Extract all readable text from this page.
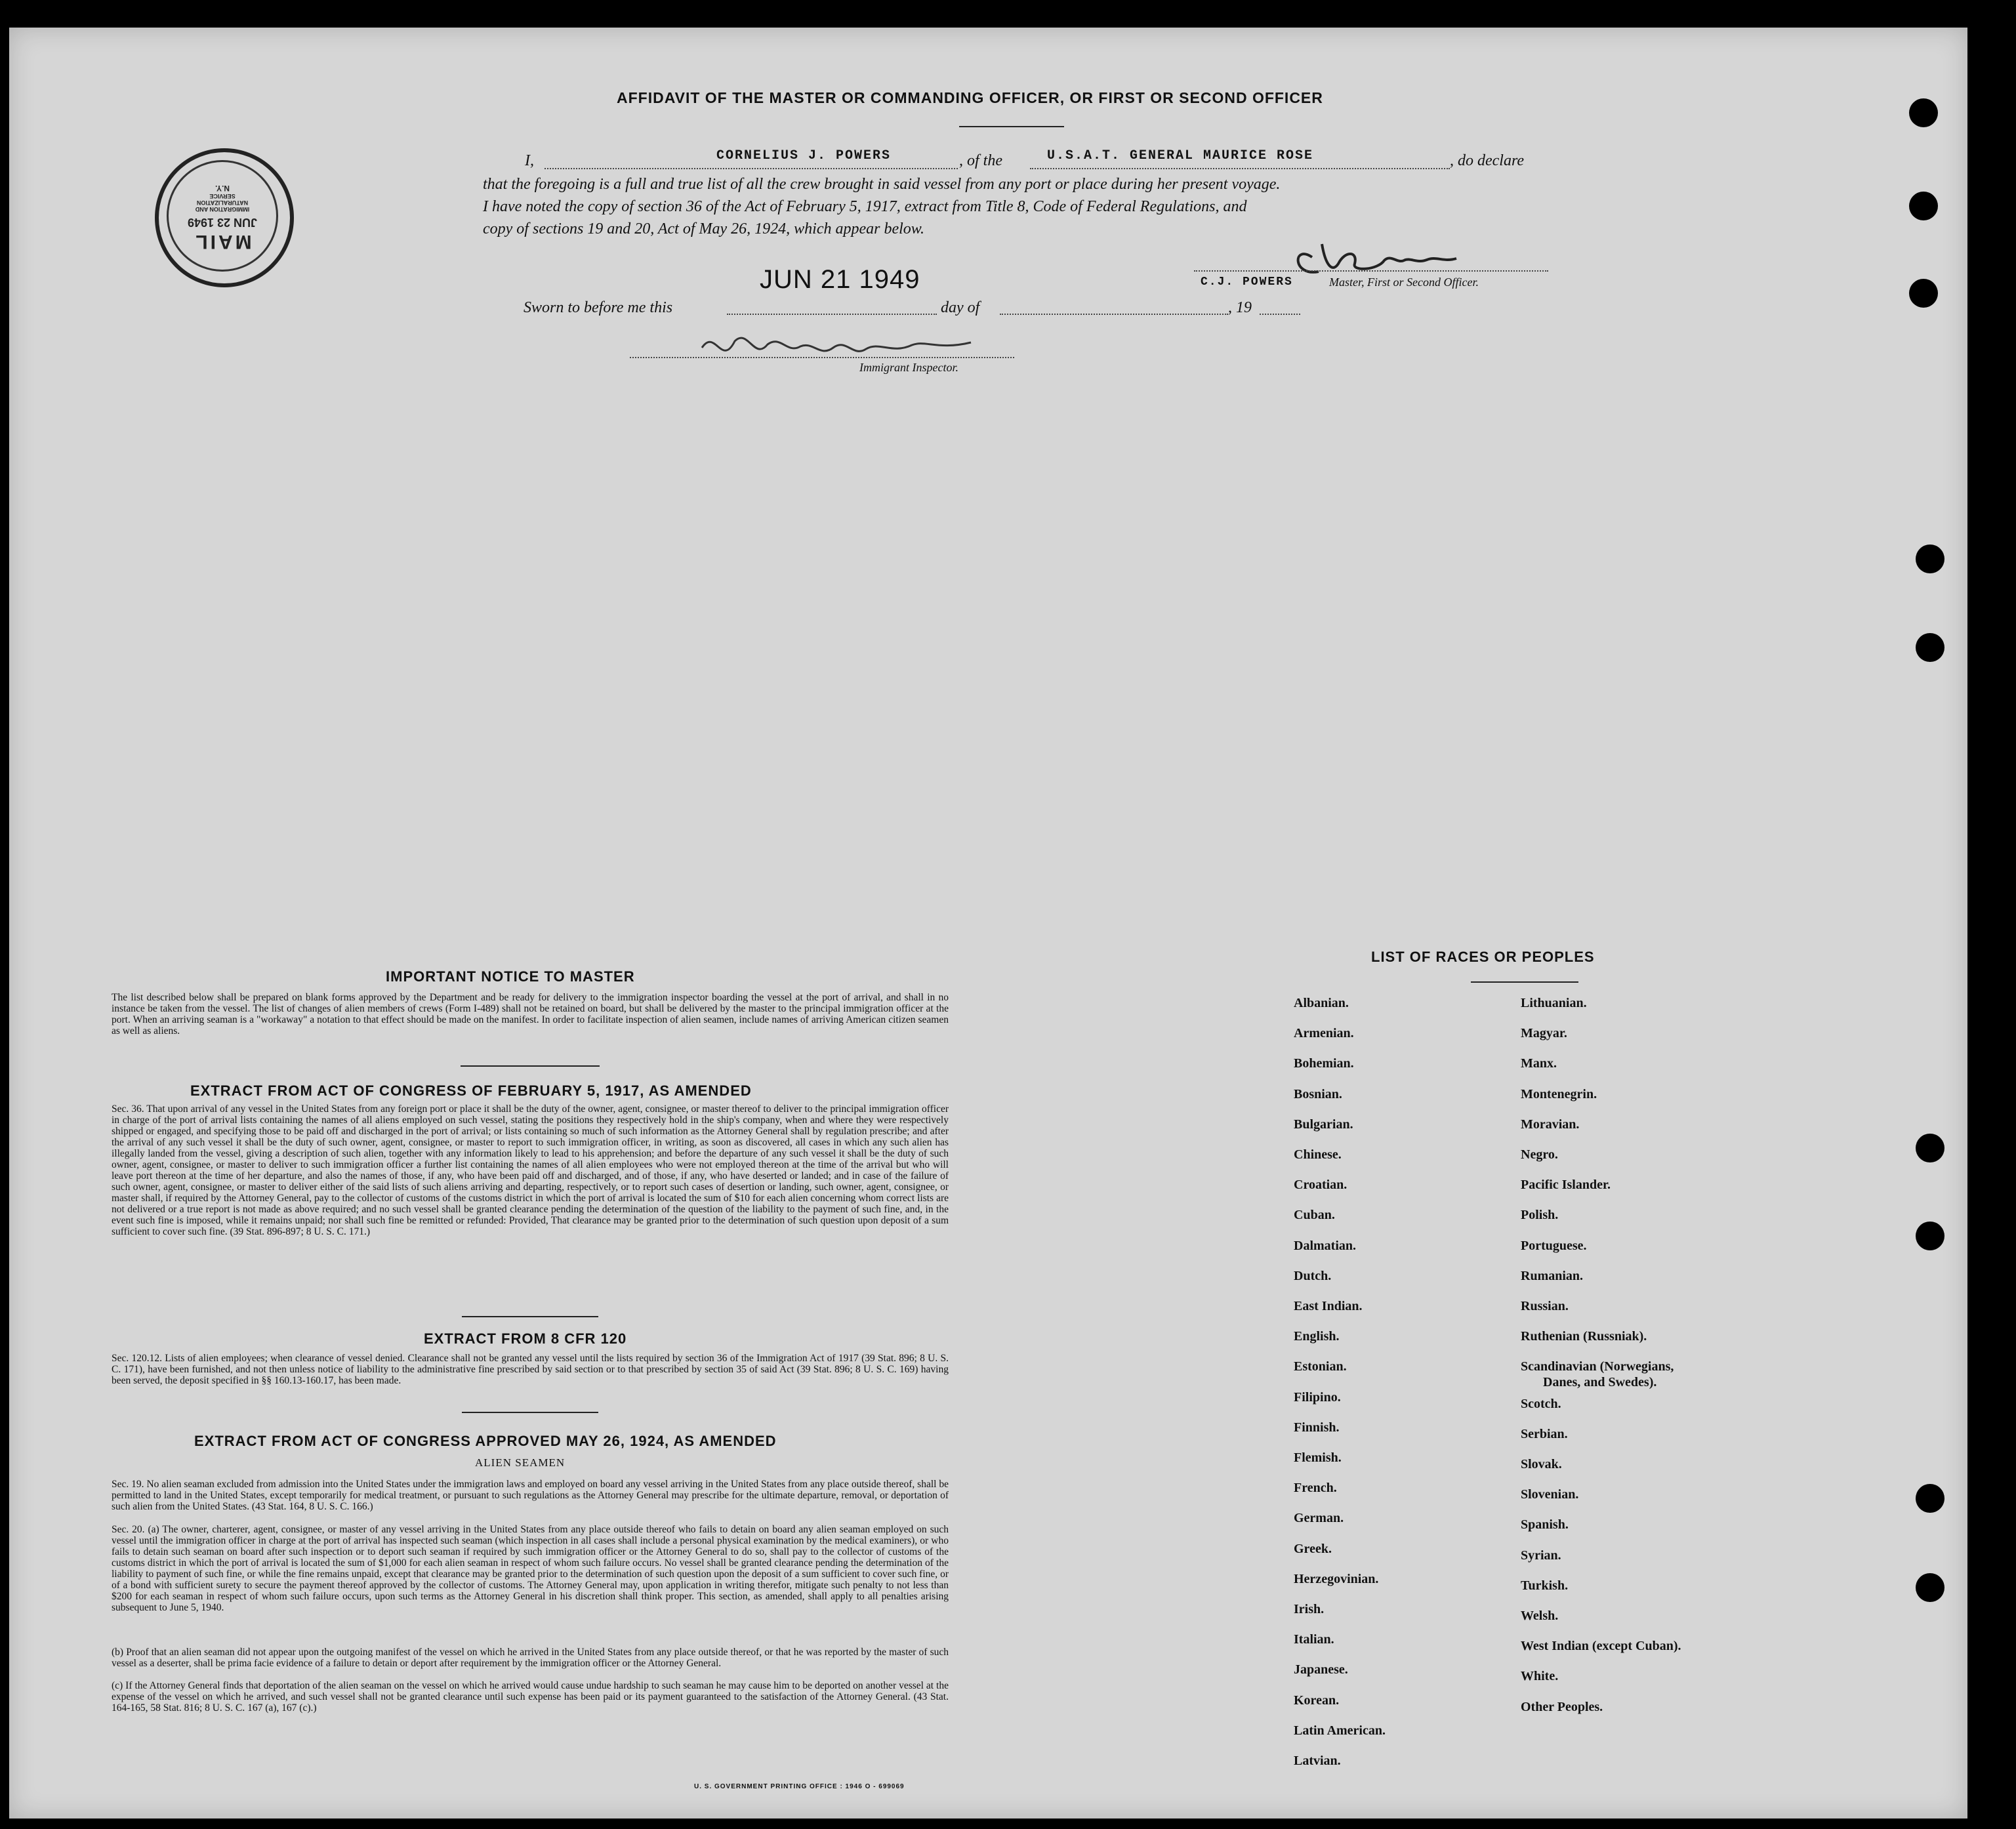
AFFIDAVIT OF THE MASTER OR COMMANDING OFFICER, OR FIRST OR SECOND OFFICER
MAIL
JUN 23 1949
IMMIGRATION AND NATURALIZATION SERVICE
N.Y.
I,	CORNELIUS J. POWERS	, of the	U.S.A.T. GENERAL MAURICE ROSE	, do declare
that the foregoing is a full and true list of all the crew brought in said vessel from any port or place during her present voyage.
I have noted the copy of section 36 of the Act of February 5, 1917, extract from Title 8, Code of Federal Regulations, and
copy of sections 19 and 20, Act of May 26, 1924, which appear below.
C.J. POWERS	Master, First or Second Officer.
JUN 21 1949
Sworn to before me this	day of	, 19
Immigrant Inspector.
IMPORTANT NOTICE TO MASTER
The list described below shall be prepared on blank forms approved by the Department and be ready for delivery to the immigration inspector boarding the vessel at the port of arrival, and shall in no instance be taken from the vessel. The list of changes of alien members of crews (Form I-489) shall not be retained on board, but shall be delivered by the master to the principal immigration officer at the port. When an arriving seaman is a "workaway" a notation to that effect should be made on the manifest. In order to facilitate inspection of alien seamen, include names of arriving American citizen seamen as well as aliens.
EXTRACT FROM ACT OF CONGRESS OF FEBRUARY 5, 1917, AS AMENDED
Sec. 36. That upon arrival of any vessel in the United States from any foreign port or place it shall be the duty of the owner, agent, consignee, or master thereof to deliver to the principal immigration officer in charge of the port of arrival lists containing the names of all aliens employed on such vessel, stating the positions they respectively hold in the ship's company, when and where they were respectively shipped or engaged, and specifying those to be paid off and discharged in the port of arrival; or lists containing so much of such information as the Attorney General shall by regulation prescribe; and after the arrival of any such vessel it shall be the duty of such owner, agent, consignee, or master to report to such immigration officer, in writing, as soon as discovered, all cases in which any such alien has illegally landed from the vessel, giving a description of such alien, together with any information likely to lead to his apprehension; and before the departure of any such vessel it shall be the duty of such owner, agent, consignee, or master to deliver to such immigration officer a further list containing the names of all alien employees who were not employed thereon at the time of the arrival but who will leave port thereon at the time of her departure, and also the names of those, if any, who have been paid off and discharged, and of those, if any, who have deserted or landed; and in case of the failure of such owner, agent, consignee, or master to deliver either of the said lists of such aliens arriving and departing, respectively, or to report such cases of desertion or landing, such owner, agent, consignee, or master shall, if required by the Attorney General, pay to the collector of customs of the customs district in which the port of arrival is located the sum of $10 for each alien concerning whom correct lists are not delivered or a true report is not made as above required; and no such vessel shall be granted clearance pending the determination of the question of the liability to the payment of such fine, and, in the event such fine is imposed, while it remains unpaid; nor shall such fine be remitted or refunded: Provided, That clearance may be granted prior to the determination of such question upon deposit of a sum sufficient to cover such fine. (39 Stat. 896-897; 8 U. S. C. 171.)
EXTRACT FROM 8 CFR 120
Sec. 120.12. Lists of alien employees; when clearance of vessel denied. Clearance shall not be granted any vessel until the lists required by section 36 of the Immigration Act of 1917 (39 Stat. 896; 8 U. S. C. 171), have been furnished, and not then unless notice of liability to the administrative fine prescribed by said section or to that prescribed by section 35 of said Act (39 Stat. 896; 8 U. S. C. 169) having been served, the deposit specified in §§ 160.13-160.17, has been made.
EXTRACT FROM ACT OF CONGRESS APPROVED MAY 26, 1924, AS AMENDED
ALIEN SEAMEN
Sec. 19. No alien seaman excluded from admission into the United States under the immigration laws and employed on board any vessel arriving in the United States from any place outside thereof, shall be permitted to land in the United States, except temporarily for medical treatment, or pursuant to such regulations as the Attorney General may prescribe for the ultimate departure, removal, or deportation of such alien from the United States. (43 Stat. 164, 8 U. S. C. 166.)
Sec. 20. (a) The owner, charterer, agent, consignee, or master of any vessel arriving in the United States from any place outside thereof who fails to detain on board any alien seaman employed on such vessel until the immigration officer in charge at the port of arrival has inspected such seaman (which inspection in all cases shall include a personal physical examination by the medical examiners), or who fails to detain such seaman on board after such inspection or to deport such seaman if required by such immigration officer or the Attorney General to do so, shall pay to the collector of customs of the customs district in which the port of arrival is located the sum of $1,000 for each alien seaman in respect of whom such failure occurs. No vessel shall be granted clearance pending the determination of the liability to payment of such fine, or while the fine remains unpaid, except that clearance may be granted prior to the determination of such question upon the deposit of a sum sufficient to cover such fine, or of a bond with sufficient surety to secure the payment thereof approved by the collector of customs. The Attorney General may, upon application in writing therefor, mitigate such penalty to not less than $200 for each seaman in respect of whom such failure occurs, upon such terms as the Attorney General in his discretion shall think proper. This section, as amended, shall apply to all penalties arising subsequent to June 5, 1940.
(b) Proof that an alien seaman did not appear upon the outgoing manifest of the vessel on which he arrived in the United States from any place outside thereof, or that he was reported by the master of such vessel as a deserter, shall be prima facie evidence of a failure to detain or deport after requirement by the immigration officer or the Attorney General.
(c) If the Attorney General finds that deportation of the alien seaman on the vessel on which he arrived would cause undue hardship to such seaman he may cause him to be deported on another vessel at the expense of the vessel on which he arrived, and such vessel shall not be granted clearance until such expense has been paid or its payment guaranteed to the satisfaction of the Attorney General. (43 Stat. 164-165, 58 Stat. 816; 8 U. S. C. 167 (a), 167 (c).)
U. S. GOVERNMENT PRINTING OFFICE : 1946 O - 699069
LIST OF RACES OR PEOPLES
Albanian.
Armenian.
Bohemian.
Bosnian.
Bulgarian.
Chinese.
Croatian.
Cuban.
Dalmatian.
Dutch.
East Indian.
English.
Estonian.
Filipino.
Finnish.
Flemish.
French.
German.
Greek.
Herzegovinian.
Irish.
Italian.
Japanese.
Korean.
Latin American.
Latvian.
Lithuanian.
Magyar.
Manx.
Montenegrin.
Moravian.
Negro.
Pacific Islander.
Polish.
Portuguese.
Rumanian.
Russian.
Ruthenian (Russniak).
Scandinavian (Norwegians,
Danes, and Swedes).
Scotch.
Serbian.
Slovak.
Slovenian.
Spanish.
Syrian.
Turkish.
Welsh.
West Indian (except Cuban).
White.
Other Peoples.
